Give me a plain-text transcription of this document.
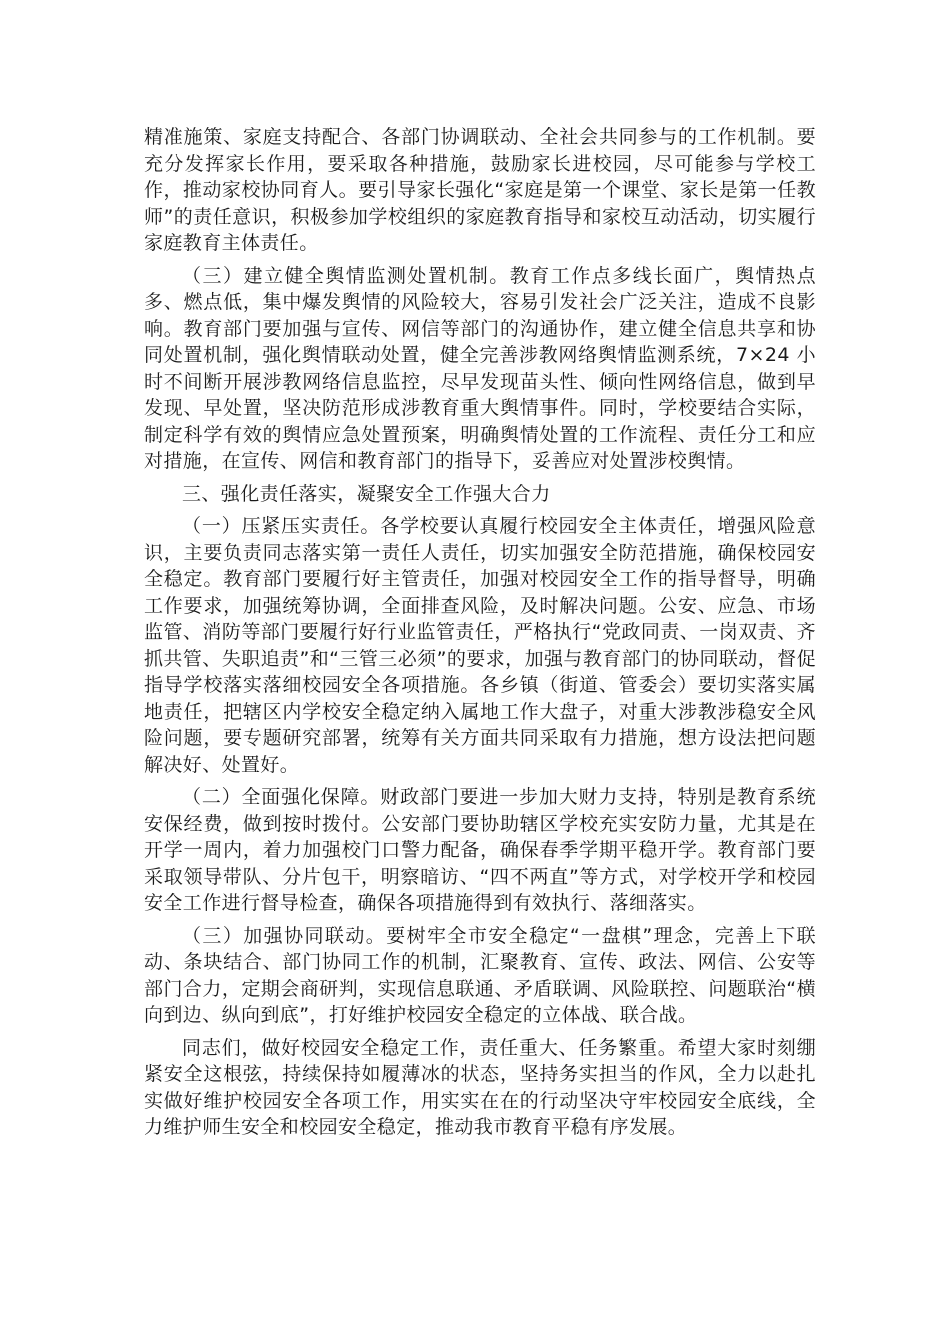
精准施策、家庭支持配合、各部门协调联动、全社会共同参与的工作机制。要充分发挥家长作用，要采取各种措施，鼓励家长进校园，尽可能参与学校工作，推动家校协同育人。要引导家长强化“家庭是第一个课堂、家长是第一任教师”的责任意识，积极参加学校组织的家庭教育指导和家校互动活动，切实履行家庭教育主体责任。

（三）建立健全舆情监测处置机制。教育工作点多线长面广，舆情热点多、燃点低，集中爆发舆情的风险较大，容易引发社会广泛关注，造成不良影响。教育部门要加强与宣传、网信等部门的沟通协作，建立健全信息共享和协同处置机制，强化舆情联动处置，健全完善涉教网络舆情监测系统，7×24 小时不间断开展涉教网络信息监控，尽早发现苗头性、倾向性网络信息，做到早发现、早处置，坚决防范形成涉教育重大舆情事件。同时，学校要结合实际，制定科学有效的舆情应急处置预案，明确舆情处置的工作流程、责任分工和应对措施，在宣传、网信和教育部门的指导下，妥善应对处置涉校舆情。

三、强化责任落实，凝聚安全工作强大合力

（一）压紧压实责任。各学校要认真履行校园安全主体责任，增强风险意识，主要负责同志落实第一责任人责任，切实加强安全防范措施，确保校园安全稳定。教育部门要履行好主管责任，加强对校园安全工作的指导督导，明确工作要求，加强统筹协调，全面排查风险，及时解决问题。公安、应急、市场监管、消防等部门要履行好行业监管责任，严格执行“党政同责、一岗双责、齐抓共管、失职追责”和“三管三必须”的要求，加强与教育部门的协同联动，督促指导学校落实落细校园安全各项措施。各乡镇（街道、管委会）要切实落实属地责任，把辖区内学校安全稳定纳入属地工作大盘子，对重大涉教涉稳安全风险问题，要专题研究部署，统筹有关方面共同采取有力措施，想方设法把问题解决好、处置好。

（二）全面强化保障。财政部门要进一步加大财力支持，特别是教育系统安保经费，做到按时拨付。公安部门要协助辖区学校充实安防力量，尤其是在开学一周内，着力加强校门口警力配备，确保春季学期平稳开学。教育部门要采取领导带队、分片包干，明察暗访、“四不两直”等方式，对学校开学和校园安全工作进行督导检查，确保各项措施得到有效执行、落细落实。

（三）加强协同联动。要树牢全市安全稳定“一盘棋”理念，完善上下联动、条块结合、部门协同工作的机制，汇聚教育、宣传、政法、网信、公安等部门合力，定期会商研判，实现信息联通、矛盾联调、风险联控、问题联治“横向到边、纵向到底”，打好维护校园安全稳定的立体战、联合战。

同志们，做好校园安全稳定工作，责任重大、任务繁重。希望大家时刻绷紧安全这根弦，持续保持如履薄冰的状态，坚持务实担当的作风，全力以赴扎实做好维护校园安全各项工作，用实实在在的行动坚决守牢校园安全底线，全力维护师生安全和校园安全稳定，推动我市教育平稳有序发展。
